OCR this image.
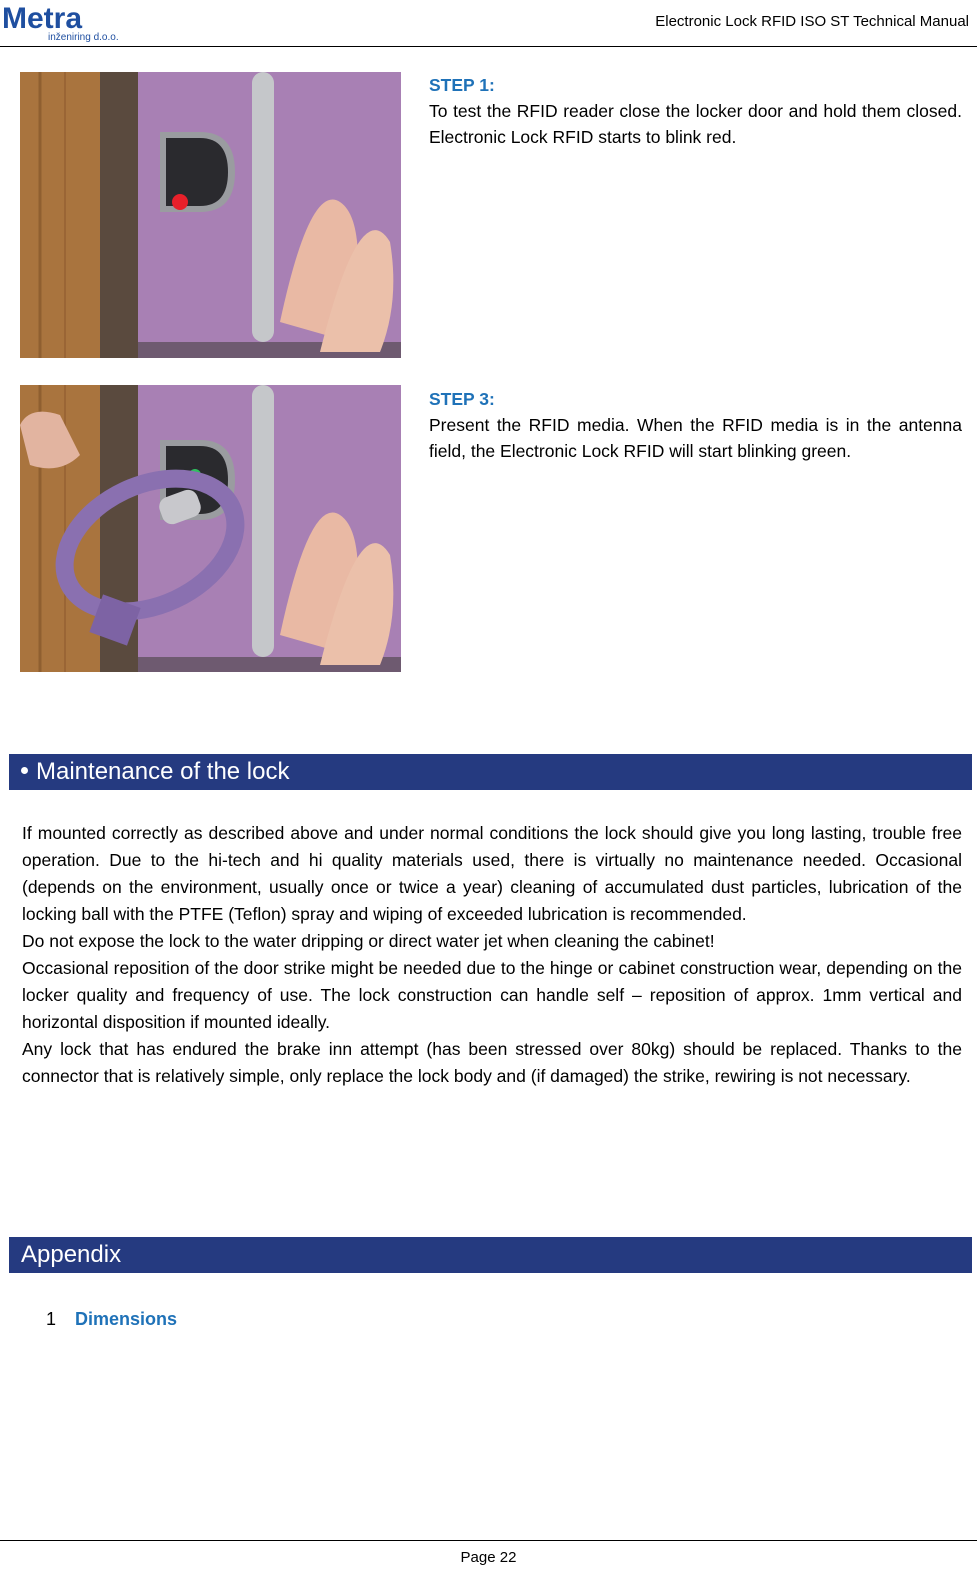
Metra
inženiring d.o.o.
Electronic Lock RFID ISO ST Technical Manual
STEP 1:
To test the RFID reader close the locker door and hold them closed. Electronic Lock RFID starts to blink red.
STEP 3:
Present the RFID media. When the RFID media is in the antenna field, the Electronic Lock RFID will start blinking green.
Maintenance of the lock

If mounted correctly as described above and under normal conditions the lock should give you long lasting, trouble free operation. Due to the hi-tech and hi quality materials used, there is virtually no maintenance needed. Occasional (depends on the environment, usually once or twice a year) cleaning of accumulated dust particles, lubrication of the locking ball with the PTFE (Teflon) spray and wiping of exceeded lubrication is recommended.

Do not expose the lock to the water dripping or direct water jet when cleaning the cabinet!

Occasional reposition of the door strike might be needed due to the hinge or cabinet construction wear, depending on the locker quality and frequency of use. The lock construction can handle self – reposition of approx. 1mm vertical and horizontal disposition if mounted ideally.

Any lock that has endured the brake inn attempt (has been stressed over 80kg) should be replaced. Thanks to the connector that is relatively simple, only replace the lock body and (if damaged) the strike, rewiring is not necessary.

Appendix
1 Dimensions
Page 22
